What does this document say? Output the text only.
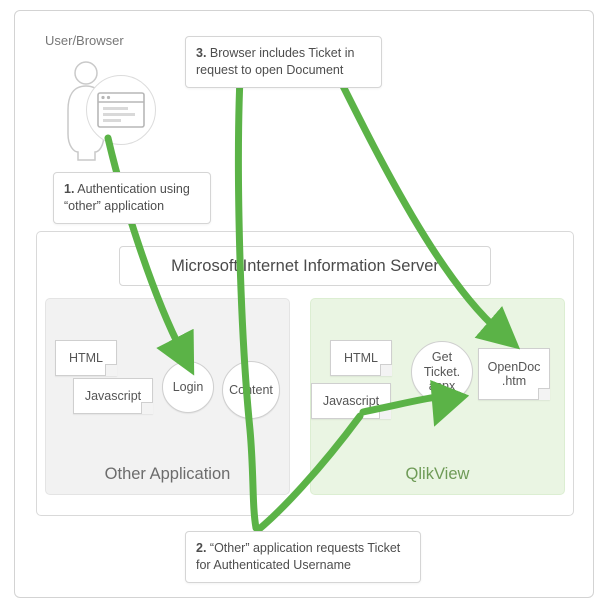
User/Browser
Microsoft Internet Information Server
Other Application
HTML
Javascript
Login Content
QlikView
HTML
Javascript
Get
Ticket.
aspx
OpenDoc
.htm
1. Authentication using
“other” application
3. Browser includes Ticket in
request to open Document
2. “Other” application requests Ticket
for Authenticated Username
